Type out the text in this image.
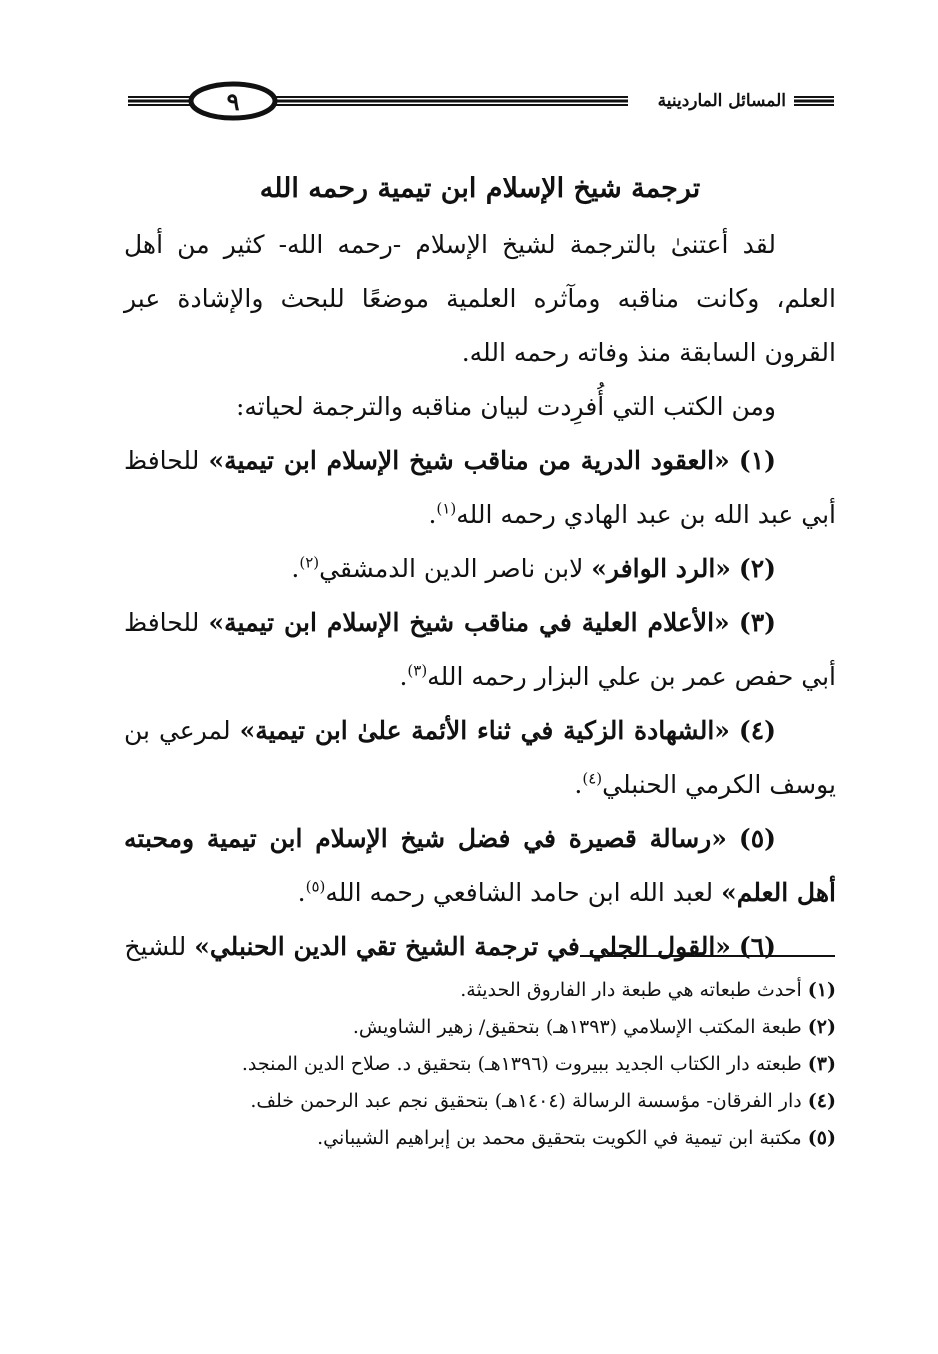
٩	المسائل الماردينية

ترجمة شيخ الإسلام ابن تيمية رحمه الله

لقد أعتنىٰ بالترجمة لشيخ الإسلام -رحمه الله- كثير من أهل العلم، وكانت مناقبه ومآثره العلمية موضعًا للبحث والإشادة عبر القرون السابقة منذ وفاته رحمه الله.

ومن الكتب التي أُفرِدت لبيان مناقبه والترجمة لحياته:

(١) «العقود الدرية من مناقب شيخ الإسلام ابن تيمية» للحافظ أبي عبد الله بن عبد الهادي رحمه الله$^{(١)}$.

(٢) «الرد الوافر» لابن ناصر الدين الدمشقي$^{(٢)}$.

(٣) «الأعلام العلية في مناقب شيخ الإسلام ابن تيمية» للحافظ أبي حفص عمر بن علي البزار رحمه الله$^{(٣)}$.

(٤) «الشهادة الزكية في ثناء الأئمة علىٰ ابن تيمية» لمرعي بن يوسف الكرمي الحنبلي$^{(٤)}$.

(٥) «رسالة قصيرة في فضل شيخ الإسلام ابن تيمية ومحبته أهل العلم» لعبد الله ابن حامد الشافعي رحمه الله$^{(٥)}$.

(٦) «القول الجلي في ترجمة الشيخ تقي الدين الحنبلي» للشيخ

(١) أحدث طبعاته هي طبعة دار الفاروق الحديثة.

(٢) طبعة المكتب الإسلامي (١٣٩٣هـ) بتحقيق/ زهير الشاويش.

(٣) طبعته دار الكتاب الجديد ببيروت (١٣٩٦هـ) بتحقيق د. صلاح الدين المنجد.

(٤) دار الفرقان- مؤسسة الرسالة (١٤٠٤هـ) بتحقيق نجم عبد الرحمن خلف.

(٥) مكتبة ابن تيمية في الكويت بتحقيق محمد بن إبراهيم الشيباني.
